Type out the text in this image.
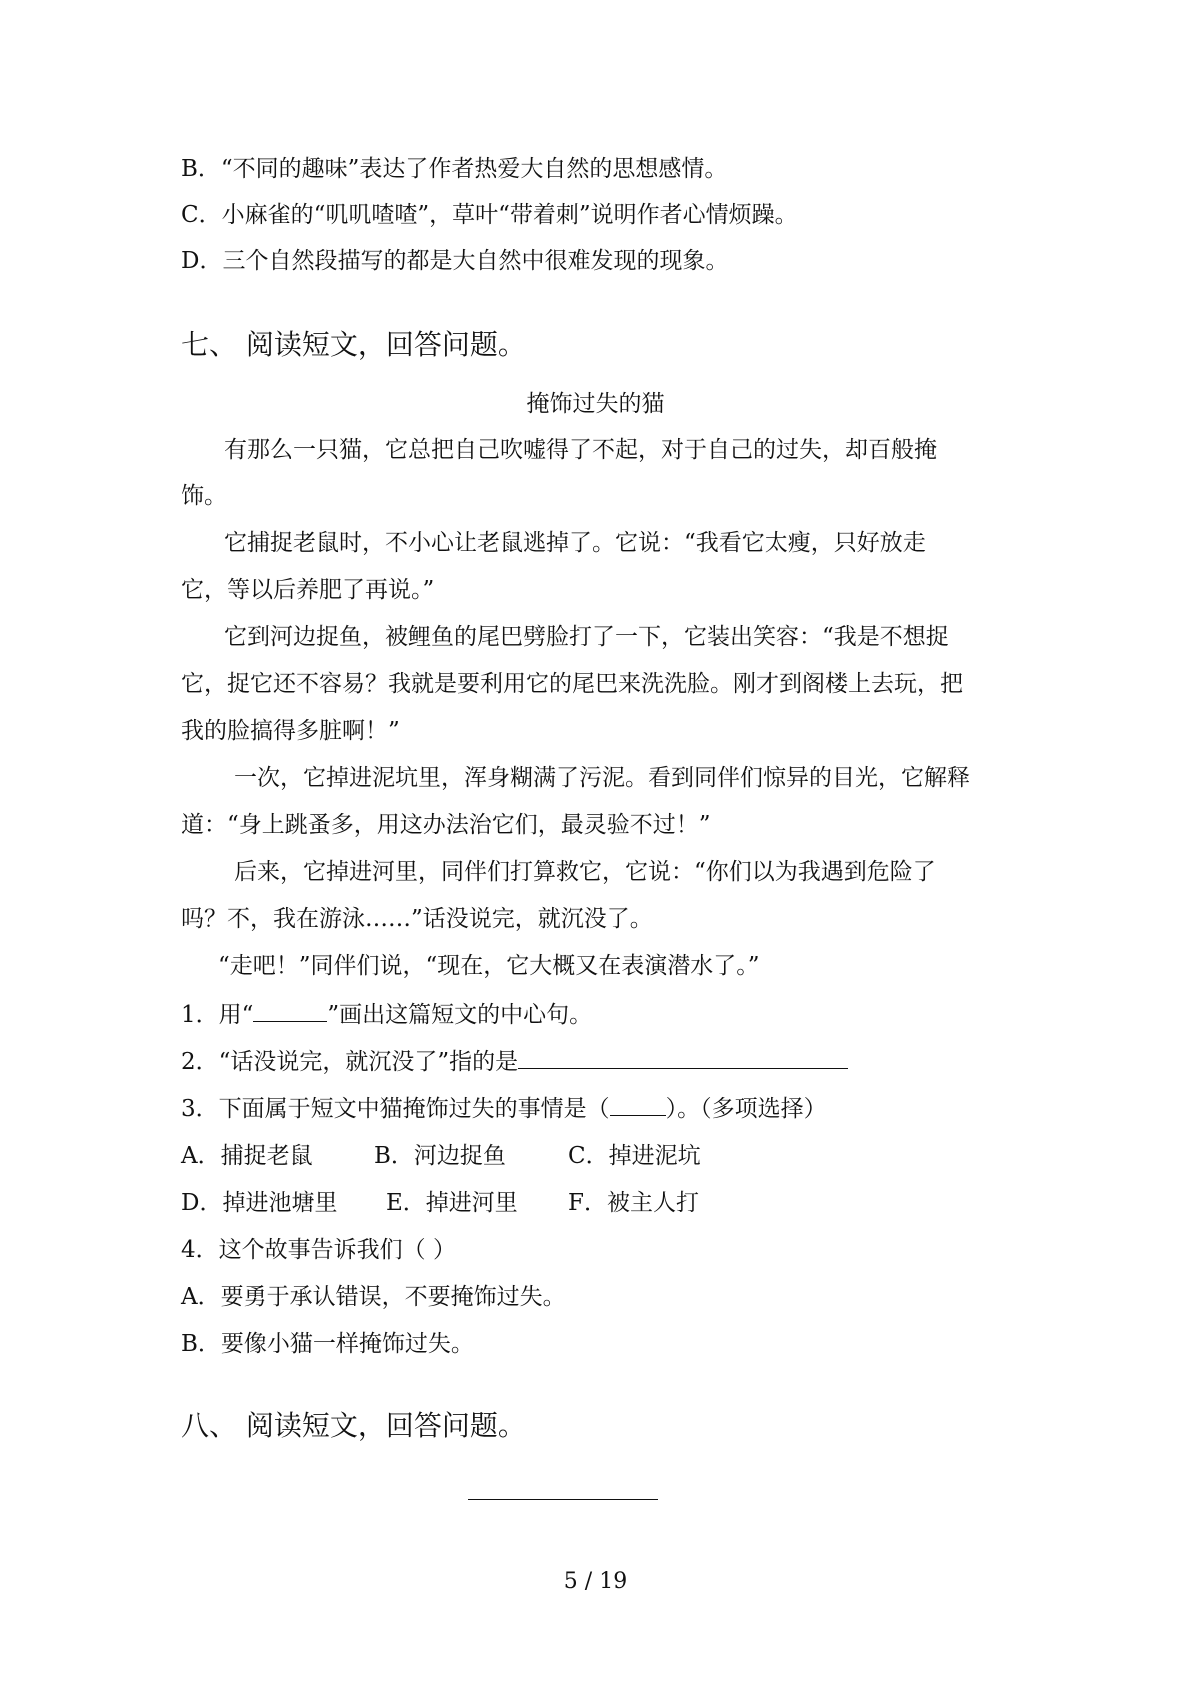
B．“不同的趣味”表达了作者热爱大自然的思想感情。
C．小麻雀的“叽叽喳喳”，草叶“带着刺”说明作者心情烦躁。
D．三个自然段描写的都是大自然中很难发现的现象。
七、 阅读短文，回答问题。
掩饰过失的猫
有那么一只猫，它总把自己吹嘘得了不起，对于自己的过失，却百般掩
饰。
它捕捉老鼠时，不小心让老鼠逃掉了。它说：“我看它太瘦，只好放走
它，等以后养肥了再说。”
它到河边捉鱼，被鲤鱼的尾巴劈脸打了一下，它装出笑容：“我是不想捉
它，捉它还不容易？我就是要利用它的尾巴来洗洗脸。刚才到阁楼上去玩，把
我的脸搞得多脏啊！”
一次，它掉进泥坑里，浑身糊满了污泥。看到同伴们惊异的目光，它解释
道：“身上跳蚤多，用这办法治它们，最灵验不过！”
后来，它掉进河里，同伴们打算救它，它说：“你们以为我遇到危险了
吗？不，我在游泳……”话没说完，就沉没了。
“走吧！”同伴们说，“现在，它大概又在表演潜水了。”
1．用“	”画出这篇短文的中心句。
2．“话没说完，就沉没了”指的是
3．下面属于短文中猫掩饰过失的事情是（ ）。（多项选择）
A．捕捉老鼠	B．河边捉鱼	C．掉进泥坑
D．掉进池塘里 E．掉进河里 F．被主人打
4．这个故事告诉我们（ ）
A．要勇于承认错误，不要掩饰过失。
B．要像小猫一样掩饰过失。
八、 阅读短文，回答问题。
5 / 19
